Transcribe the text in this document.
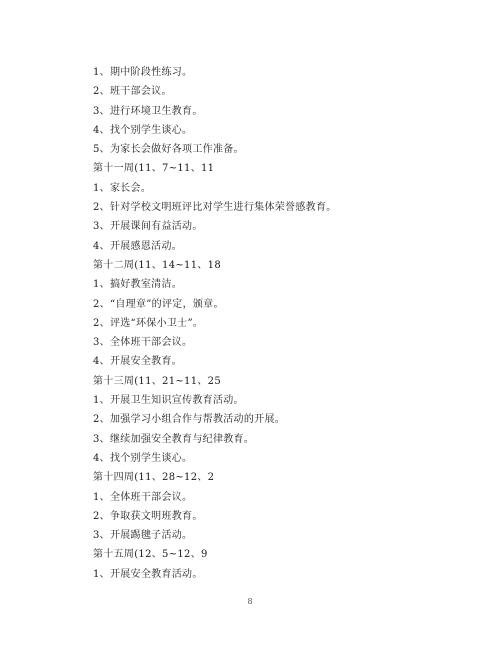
1、期中阶段性练习。
2、班干部会议。
3、进行环境卫生教育。
4、找个别学生谈心。
5、为家长会做好各项工作准备。
第十一周(11、7~11、11
1、家长会。
2、针对学校文明班评比对学生进行集体荣誉感教育。
3、开展课间有益活动。
4、开展感恩活动。
第十二周(11、14~11、18
1、搞好教室清洁。
2、“自理章”的评定，颁章。
2、评选“环保小卫士”。
3、全体班干部会议。
4、开展安全教育。
第十三周(11、21~11、25
1、开展卫生知识宣传教育活动。
2、加强学习小组合作与帮教活动的开展。
3、继续加强安全教育与纪律教育。
4、找个别学生谈心。
第十四周(11、28~12、2
1、全体班干部会议。
2、争取获文明班教育。
3、开展踢毽子活动。
第十五周(12、5~12、9
1、开展安全教育活动。
8
